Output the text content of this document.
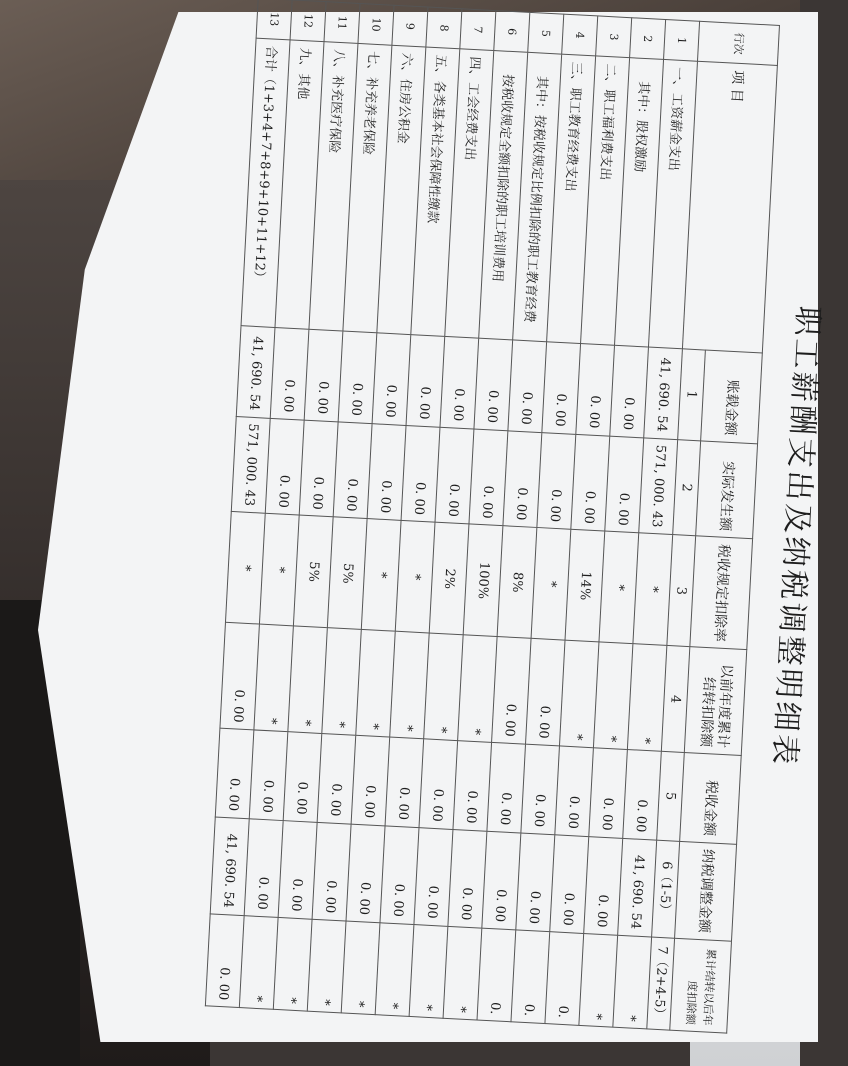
职工薪酬支出及纳税调整明细表
行次	项 目	账载金额	实际发生额	税收规定扣除率	以前年度累计结转扣除额	税收金额	纳税调整金额	累计结转以后年度扣除额
		1	2	3	4	5	6（1-5）	7（2+4-5）
1	一、工资薪金支出	41, 690. 54	571, 000. 43	*	*	0. 00	41, 690. 54	*
2	其中：股权激励	0. 00	0. 00	*	*	0. 00	0. 00	*
3	二、职工福利费支出	0. 00	0. 00	14%	*	0. 00	0. 00	0.
4	三、职工教育经费支出	0. 00	0. 00	*	0. 00	0. 00	0. 00	0.
5	其中：按税收规定比例扣除的职工教育经费	0. 00	0. 00	8%	0. 00	0. 00	0. 00	0.
6	按税收规定全额扣除的职工培训费用	0. 00	0. 00	100%	*	0. 00	0. 00	*
7	四、工会经费支出	0. 00	0. 00	2%	*	0. 00	0. 00	*
8	五、各类基本社会保障性缴款	0. 00	0. 00	*	*	0. 00	0. 00	*
9	六、住房公积金	0. 00	0. 00	*	*	0. 00	0. 00	*
10	七、补充养老保险	0. 00	0. 00	5%	*	0. 00	0. 00	*
11	八、补充医疗保险	0. 00	0. 00	5%	*	0. 00	0. 00	*
12	九、其他	0. 00	0. 00	*	*	0. 00	0. 00	*
13	合计（1+3+4+7+8+9+10+11+12）	41, 690. 54	571, 000. 43	*	0. 00	0. 00	41, 690. 54	0. 00
